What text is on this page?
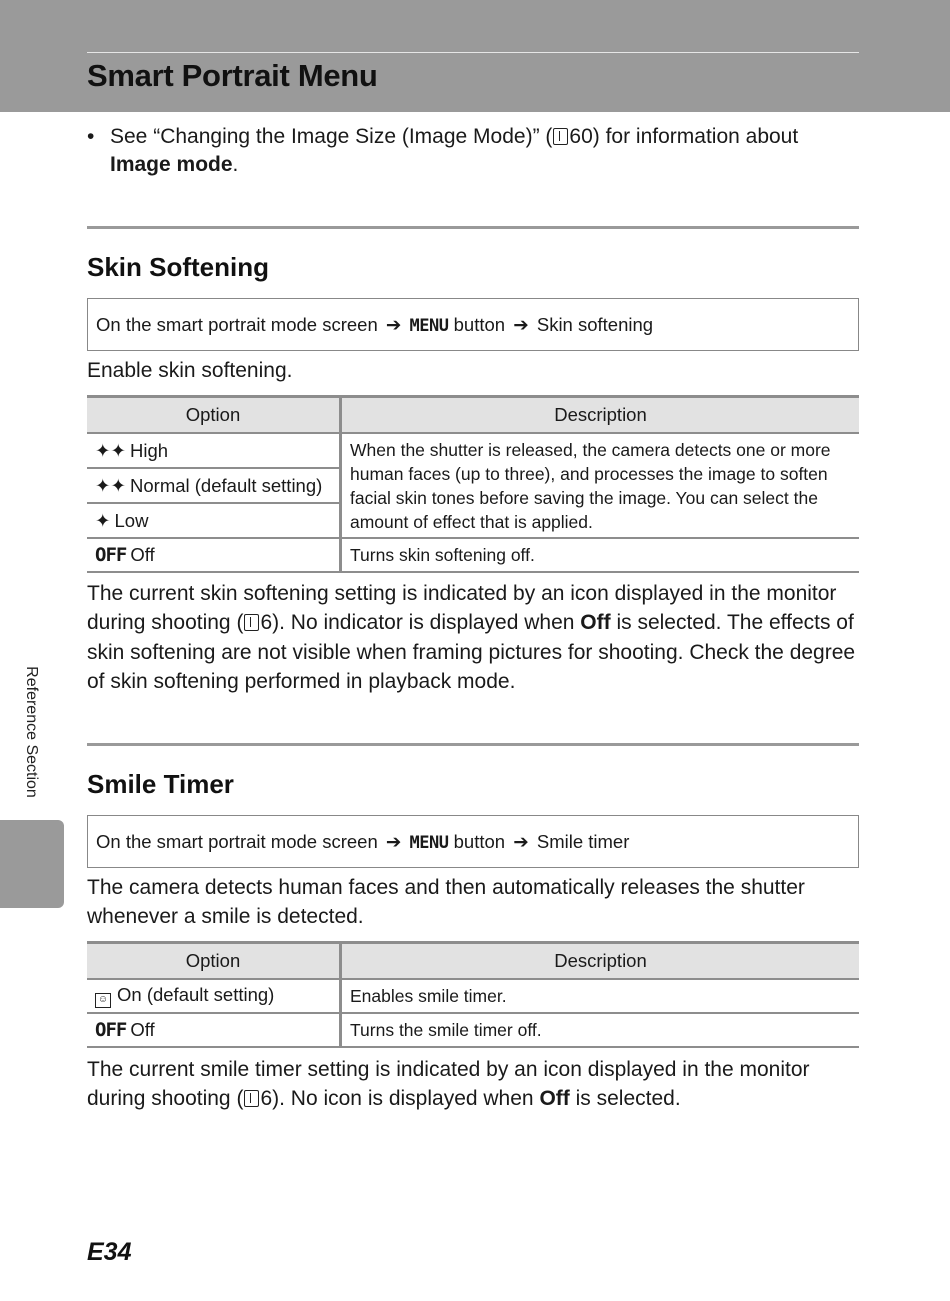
Smart Portrait Menu
• See “Changing the Image Size (Image Mode)” ( 60) for information about
Image mode.
Skin Softening
On the smart portrait mode screen ➔ MENU button ➔ Skin softening
Enable skin softening.
Option	Description
✦✦ High	When the shutter is released, the camera detects one or more human faces (up to three), and processes the image to soften facial skin tones before saving the image. You can select the amount of effect that is applied.
✦✦ Normal (default setting)	
✦ Low	
OFF Off	Turns skin softening off.
The current skin softening setting is indicated by an icon displayed in the monitor during shooting ( 6). No indicator is displayed when Off is selected. The effects of skin softening are not visible when framing pictures for shooting. Check the degree of skin softening performed in playback mode.
Smile Timer
On the smart portrait mode screen ➔ MENU button ➔ Smile timer
The camera detects human faces and then automatically releases the shutter whenever a smile is detected.
Option	Description
☺ On (default setting)	Enables smile timer.
OFF Off	Turns the smile timer off.
The current smile timer setting is indicated by an icon displayed in the monitor during shooting ( 6). No icon is displayed when Off is selected.
Reference Section
E34
